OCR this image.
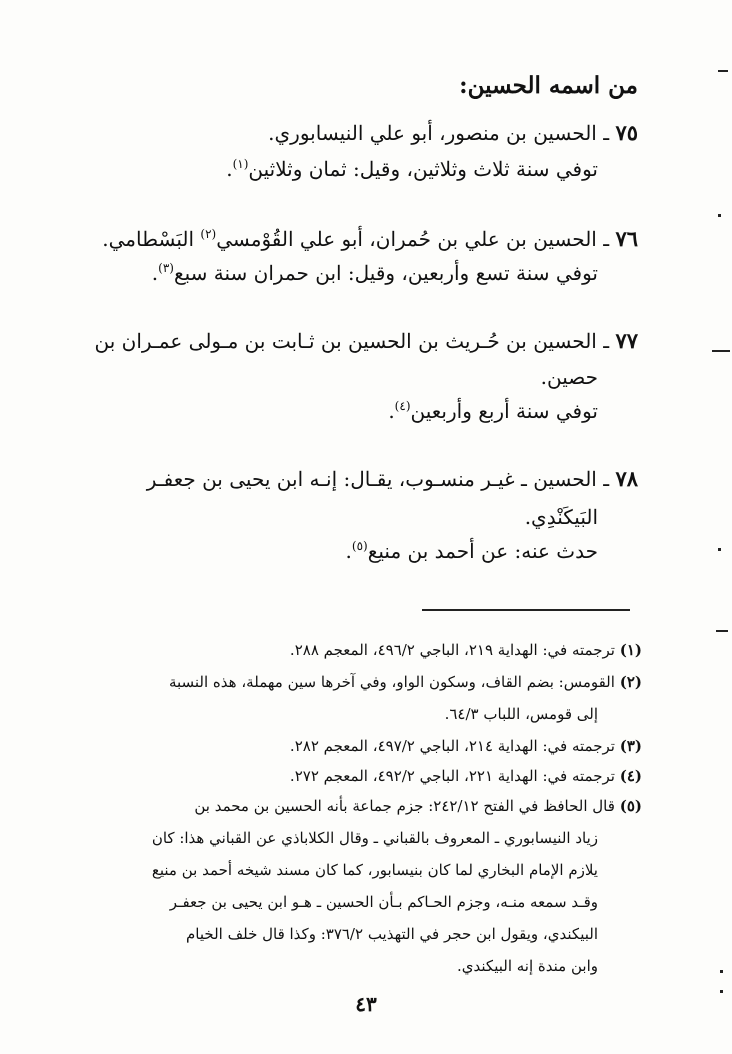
من اسمه الحسين:
٧٥ ـ الحسين بن منصور، أبو علي النيسابوري.
توفي سنة ثلاث وثلاثين، وقيل: ثمان وثلاثين$^{(١)}$.
٧٦ ـ الحسين بن علي بن حُمران، أبو علي القُوْمسي$^{(٢)}$ البَسْطامي.
توفي سنة تسع وأربعين، وقيل: ابن حمران سنة سبع$^{(٣)}$.
٧٧ ـ الحسين بن حُـريث بن الحسين بن ثـابت بن مـولى عمـران بن
حصين.
توفي سنة أربع وأربعين$^{(٤)}$.
٧٨ ـ الحسين ـ غيـر منسـوب، يقـال: إنـه ابن يحيى بن جعفـر
البَيكَنْدِي.
حدث عنه: عن أحمد بن منيع$^{(٥)}$.
(١) ترجمته في: الهداية ٢١٩، الباجي ٤٩٦/٢، المعجم ٢٨٨.
(٢) القومس: بضم القاف، وسكون الواو، وفي آخرها سين مهملة، هذه النسبة
إلى قومس، اللباب ٦٤/٣.
(٣) ترجمته في: الهداية ٢١٤، الباجي ٤٩٧/٢، المعجم ٢٨٢.
(٤) ترجمته في: الهداية ٢٢١، الباجي ٤٩٢/٢، المعجم ٢٧٢.
(٥) قال الحافظ في الفتح ٢٤٢/١٢: جزم جماعة بأنه الحسين بن محمد بن
زياد النيسابوري ـ المعروف بالقباني ـ وقال الكلاباذي عن القباني هذا: كان
يلازم الإمام البخاري لما كان بنيسابور، كما كان مسند شيخه أحمد بن منيع
وقـد سمعه منـه، وجزم الحـاكم بـأن الحسين ـ هـو ابن يحيى بن جعفـر
البيكندي، ويقول ابن حجر في التهذيب ٣٧٦/٢: وكذا قال خلف الخيام
وابن مندة إنه البيكندي.
٤٣
